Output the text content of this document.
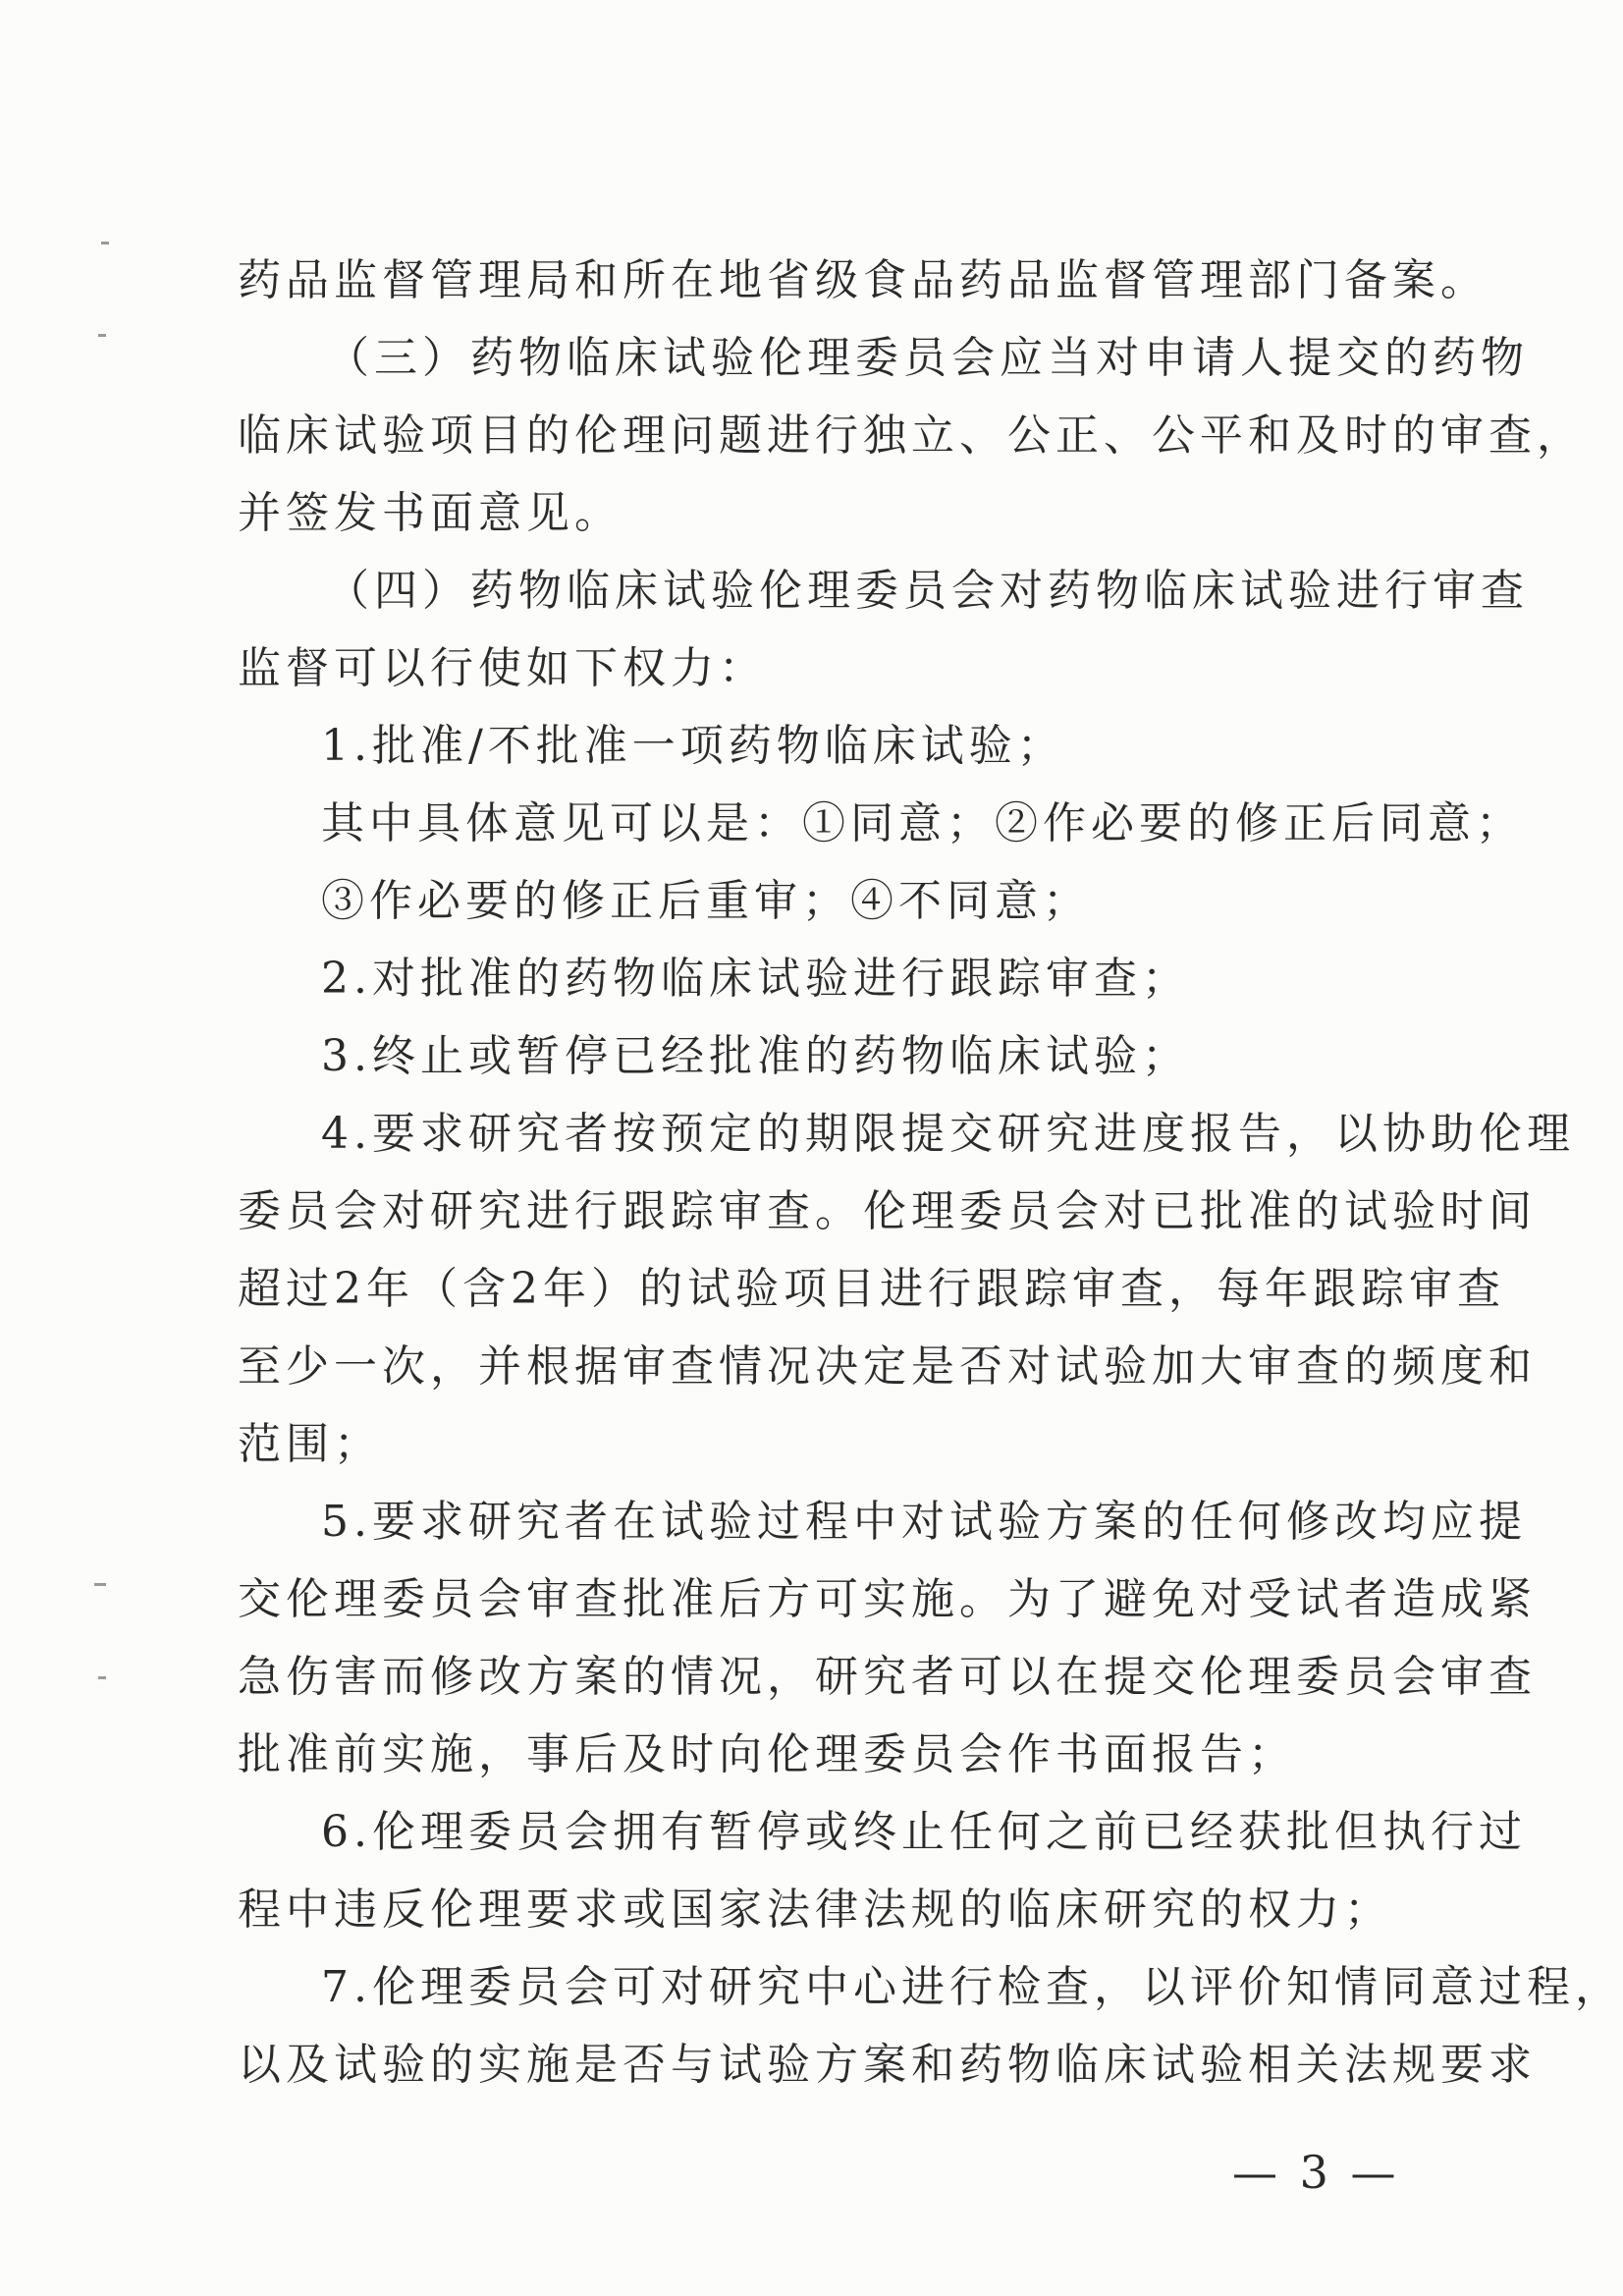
药品监督管理局和所在地省级食品药品监督管理部门备案。
（三）药物临床试验伦理委员会应当对申请人提交的药物
临床试验项目的伦理问题进行独立、公正、公平和及时的审查，
并签发书面意见。
（四）药物临床试验伦理委员会对药物临床试验进行审查
监督可以行使如下权力：
1.批准/不批准一项药物临床试验；
其中具体意见可以是：①同意；②作必要的修正后同意；
③作必要的修正后重审；④不同意；
2.对批准的药物临床试验进行跟踪审查；
3.终止或暂停已经批准的药物临床试验；
4.要求研究者按预定的期限提交研究进度报告，以协助伦理
委员会对研究进行跟踪审查。伦理委员会对已批准的试验时间
超过2年（含2年）的试验项目进行跟踪审查，每年跟踪审查
至少一次，并根据审查情况决定是否对试验加大审查的频度和
范围；
5.要求研究者在试验过程中对试验方案的任何修改均应提
交伦理委员会审查批准后方可实施。为了避免对受试者造成紧
急伤害而修改方案的情况，研究者可以在提交伦理委员会审查
批准前实施，事后及时向伦理委员会作书面报告；
6.伦理委员会拥有暂停或终止任何之前已经获批但执行过
程中违反伦理要求或国家法律法规的临床研究的权力；
7.伦理委员会可对研究中心进行检查，以评价知情同意过程，
以及试验的实施是否与试验方案和药物临床试验相关法规要求
— 3 —
